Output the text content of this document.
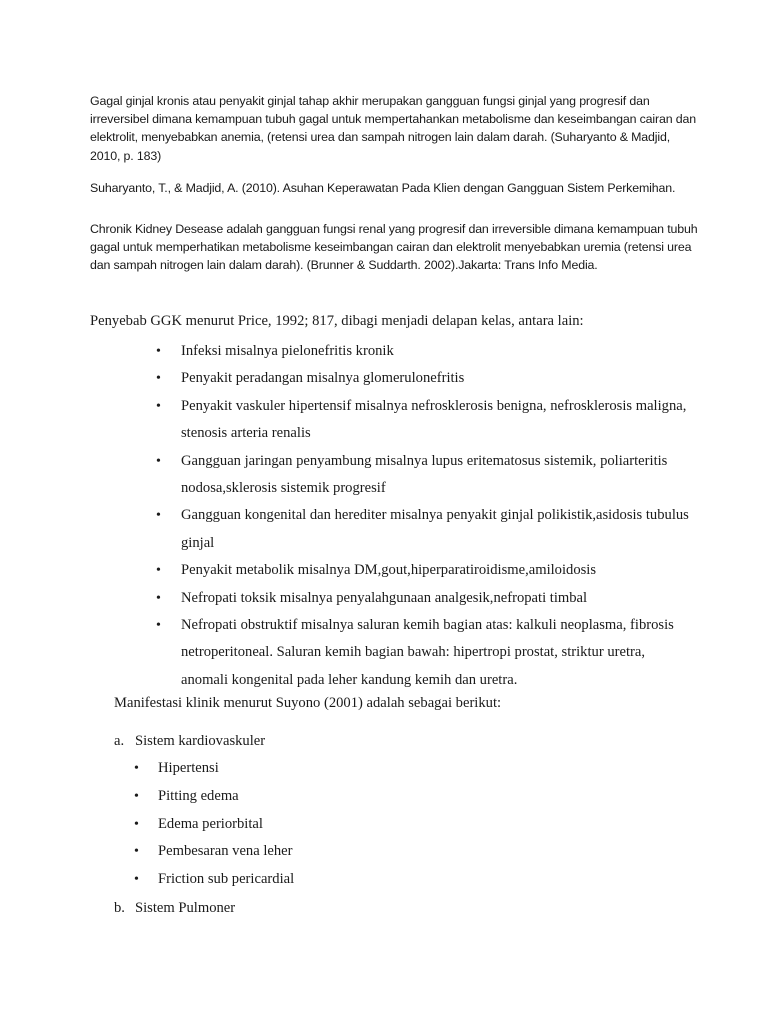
Gagal ginjal kronis atau penyakit ginjal tahap akhir merupakan gangguan fungsi ginjal yang progresif dan irreversibel dimana kemampuan tubuh gagal untuk mempertahankan metabolisme dan keseimbangan cairan dan elektrolit, menyebabkan anemia, (retensi urea dan sampah nitrogen lain dalam darah. (Suharyanto & Madjid, 2010, p. 183)

Suharyanto, T., & Madjid, A. (2010). Asuhan Keperawatan Pada Klien dengan Gangguan Sistem Perkemihan.

Chronik Kidney Desease adalah gangguan fungsi renal yang progresif dan irreversible dimana kemampuan tubuh gagal untuk memperhatikan metabolisme keseimbangan cairan dan elektrolit menyebabkan uremia (retensi urea dan sampah nitrogen lain dalam darah). (Brunner & Suddarth. 2002).Jakarta: Trans Info Media.

Penyebab GGK menurut Price, 1992; 817, dibagi menjadi delapan kelas, antara lain:

• Infeksi misalnya pielonefritis kronik
• Penyakit peradangan misalnya glomerulonefritis
• Penyakit vaskuler hipertensif misalnya nefrosklerosis benigna, nefrosklerosis maligna, stenosis arteria renalis
• Gangguan jaringan penyambung misalnya lupus eritematosus sistemik, poliarteritis nodosa,sklerosis sistemik progresif
• Gangguan kongenital dan herediter misalnya penyakit ginjal polikistik,asidosis tubulus ginjal
• Penyakit metabolik misalnya DM,gout,hiperparatiroidisme,amiloidosis
• Nefropati toksik misalnya penyalahgunaan analgesik,nefropati timbal
• Nefropati obstruktif misalnya saluran kemih bagian atas: kalkuli neoplasma, fibrosis netroperitoneal. Saluran kemih bagian bawah: hipertropi prostat, striktur uretra, anomali kongenital pada leher kandung kemih dan uretra.

Manifestasi klinik menurut Suyono (2001) adalah sebagai berikut:

a. Sistem kardiovaskuler
• Hipertensi
• Pitting edema
• Edema periorbital
• Pembesaran vena leher
• Friction sub pericardial
b. Sistem Pulmoner
